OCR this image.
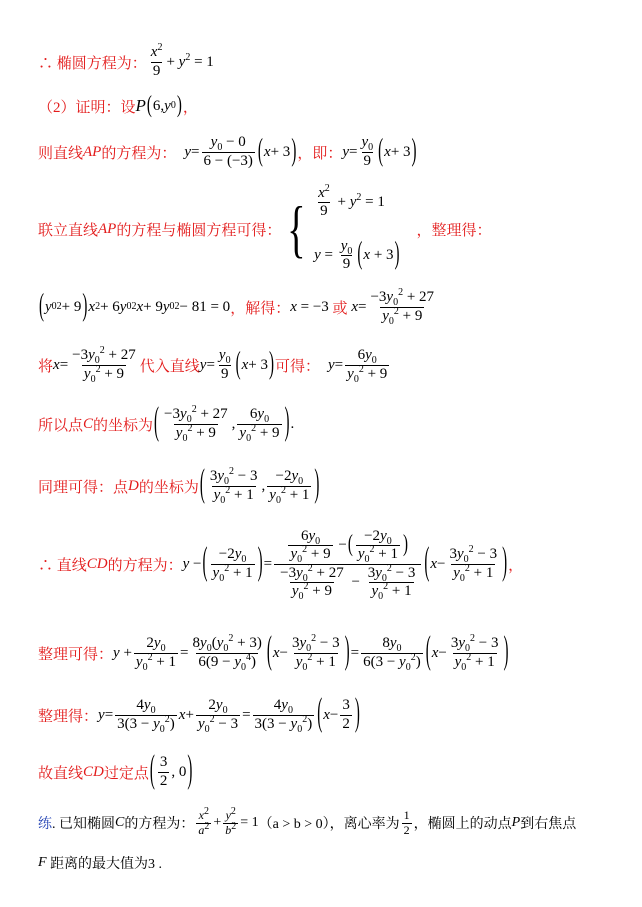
∴ 椭圆方程为： $\frac{x^2}{9} + y^2 = 1$
（2）证明：设 P ( 6, y 0 ) ，
则直线 AP 的方程为： $y = \frac{y_0 - 0}{6 - (-3)}$ ( x + 3 ) ，即： $y = \frac{y_0}{9}$ ( x + 3 )
联立直线 AP 的方程与椭圆方程可得： { $\frac{x^2}{9} + y^2 = 1$
$y = \frac{y_0}{9} (x + 3)$
，整理得：
( y 0 2 + 9 ) x 2 + 6 y 0 2 x + 9 y 0 2 − 81 = 0 ，解得： x = −3 或
$x = \frac{-3y_0^2 + 27}{y_0^2 + 9}$
将 $x = \frac{-3y_0^2 + 27}{y_0^2 + 9}$ 代入直线 $y = \frac{y_0}{9}$ ( x + 3 ) 可得： $y = \frac{6y_0}{y_0^2 + 9}$
所以点 C 的坐标为 ( $\frac{-3y_0^2 + 27}{y_0^2 + 9}$ , $\frac{6y_0}{y_0^2 + 9}$ ) .
同理可得：点 D 的坐标为 ( $\frac{3y_0^2 - 3}{y_0^2 + 1}$ , $\frac{-2y_0}{y_0^2 + 1}$ )
∴ 直线 CD 的方程为： y − ( $\frac{-2y_0}{y_0^2 + 1}$ ) = $\frac{\frac{6y_0}{y_0^2 + 9} -( \frac{-2y_0}{y_0^2 + 1} )}{\frac{-3y_0^2 + 27}{y_0^2 + 9} - \frac{3y_0^2 - 3}{y_0^2 + 1}}$ ( $x - \frac{3y_0^2 - 3}{y_0^2 + 1}$ ) ，
整理可得： $y + \frac{2y_0}{y_0^2 + 1} = \frac{8y_0(y_0^2 + 3)}{6(9 - y_0^4)}$ ( $x - \frac{3y_0^2 - 3}{y_0^2 + 1}$ ) = $\frac{8y_0}{6(3 - y_0^2)}$ ( $x - \frac{3y_0^2 - 3}{y_0^2 + 1}$ )
整理得： $y = \frac{4y_0}{3(3 - y_0^2)}$ $x + \frac{2y_0}{y_0^2 - 3} = \frac{4y_0}{3(3 - y_0^2)}$ ( $x - \frac{3}{2}$ )
故直线 CD 过定点 ( $\frac{3}{2}$ , 0 )
练 . 已知椭圆 C 的方程为： $\frac{x^2}{a^2} + \frac{y^2}{b^2} = 1$ （a > b > 0），离心率为 $\frac{1}{2}$ ，椭圆上的动点 P 到右焦点
F
距离的最大值为3 .
